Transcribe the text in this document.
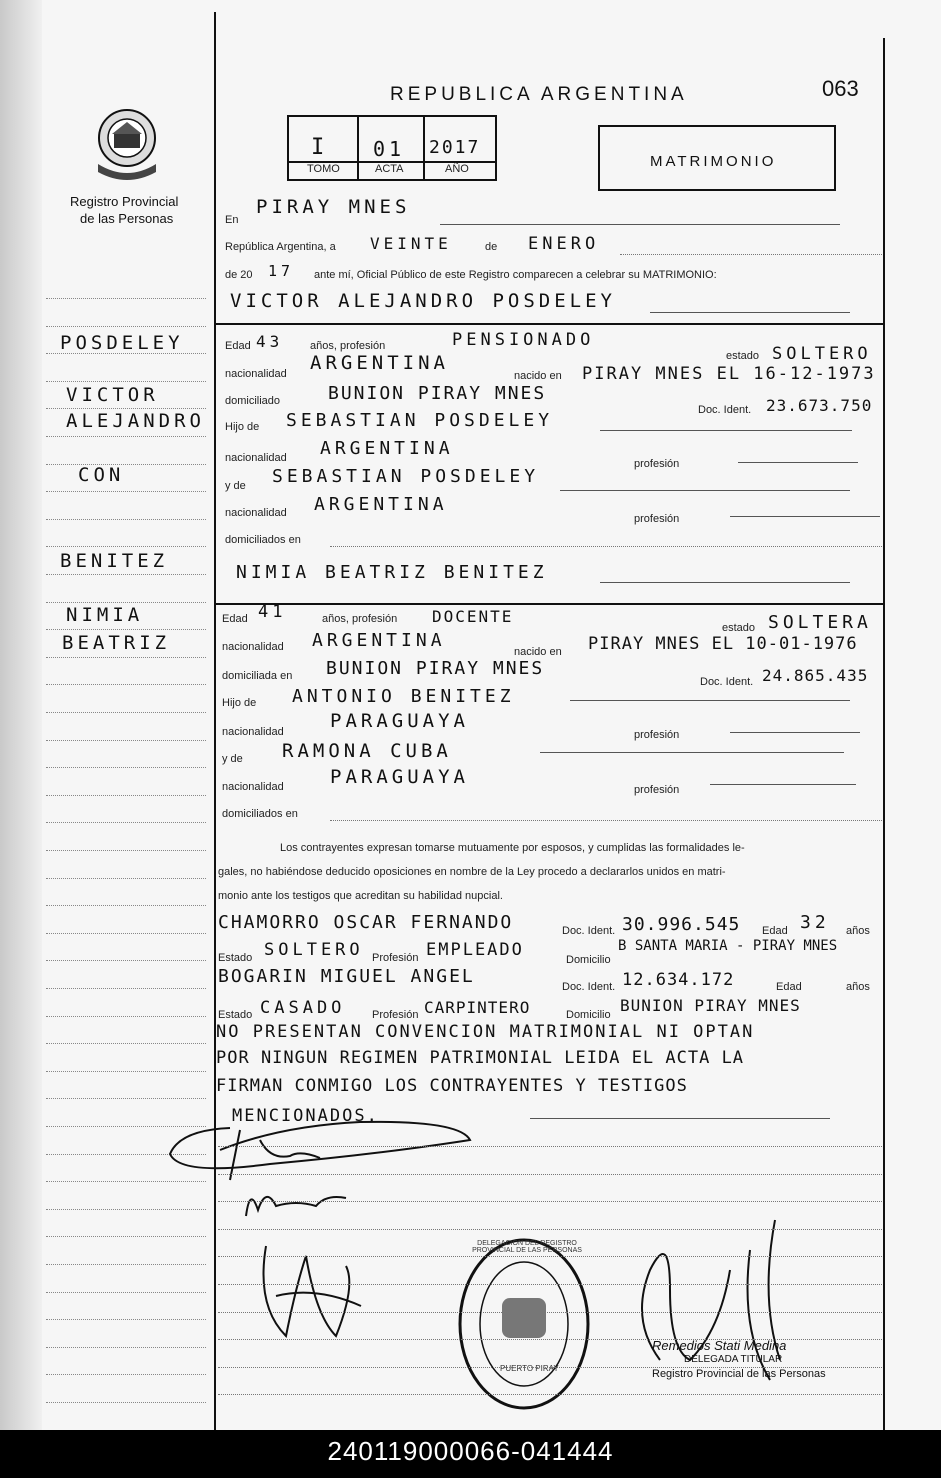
Registro Provincial
de las Personas
REPUBLICA ARGENTINA	063
I 01 2017
TOMO	ACTA	AÑO	MATRIMONIO
POSDELEY
VICTOR
ALEJANDRO
CON
BENITEZ
NIMIA
BEATRIZ
En
PIRAY MNES
República Argentina, a VEINTE	de ENERO
de 20 17 ante mí, Oficial Público de este Registro comparecen a celebrar su MATRIMONIO:
VICTOR ALEJANDRO POSDELEY
Edad 43 años, profesión	PENSIONADO
estado SOLTERO
nacionalidad ARGENTINA
nacido en PIRAY MNES EL 16-12-1973
domiciliado	BUNION PIRAY MNES
Doc. Ident. 23.673.750
Hijo de SEBASTIAN POSDELEY
nacionalidad ARGENTINA
profesión
y de SEBASTIAN POSDELEY
nacionalidad ARGENTINA
profesión
domiciliados en
NIMIA BEATRIZ BENITEZ
Edad 41	años, profesión DOCENTE
estado SOLTERA
nacionalidad ARGENTINA
nacido en PIRAY MNES EL 10-01-1976
domiciliada en BUNION PIRAY MNES
Doc. Ident. 24.865.435
Hijo de ANTONIO BENITEZ
nacionalidad PARAGUAYA
profesión
y de RAMONA CUBA
nacionalidad PARAGUAYA
profesión
domiciliados en
Los contrayentes expresan tomarse mutuamente por esposos, y cumplidas las formalidades le-
gales, no habiéndose deducido oposiciones en nombre de la Ley procedo a declararlos unidos en matri-
monio ante los testigos que acreditan su habilidad nupcial.
CHAMORRO OSCAR FERNANDO	Doc. Ident. 30.996.545 Edad 32 años
Estado SOLTERO Profesión EMPLEADO	Domicilio
B SANTA MARIA - PIRAY MNES
BOGARIN MIGUEL ANGEL	Doc. Ident. 12.634.172	Edad	años
Estado CASADO Profesión CARPINTERO	Domicilio BUNION PIRAY MNES
NO PRESENTAN CONVENCION MATRIMONIAL NI OPTAN
POR NINGUN REGIMEN PATRIMONIAL LEIDA EL ACTA LA
FIRMAN CONMIGO LOS CONTRAYENTES Y TESTIGOS
MENCIONADOS.
DELEGACION DEL REGISTRO PROVINCIAL DE LAS PERSONAS
PUERTO PIRAY
Remedios Stati Medina
DELEGADA TITULAR
Registro Provincial de las Personas
240119000066-041444
